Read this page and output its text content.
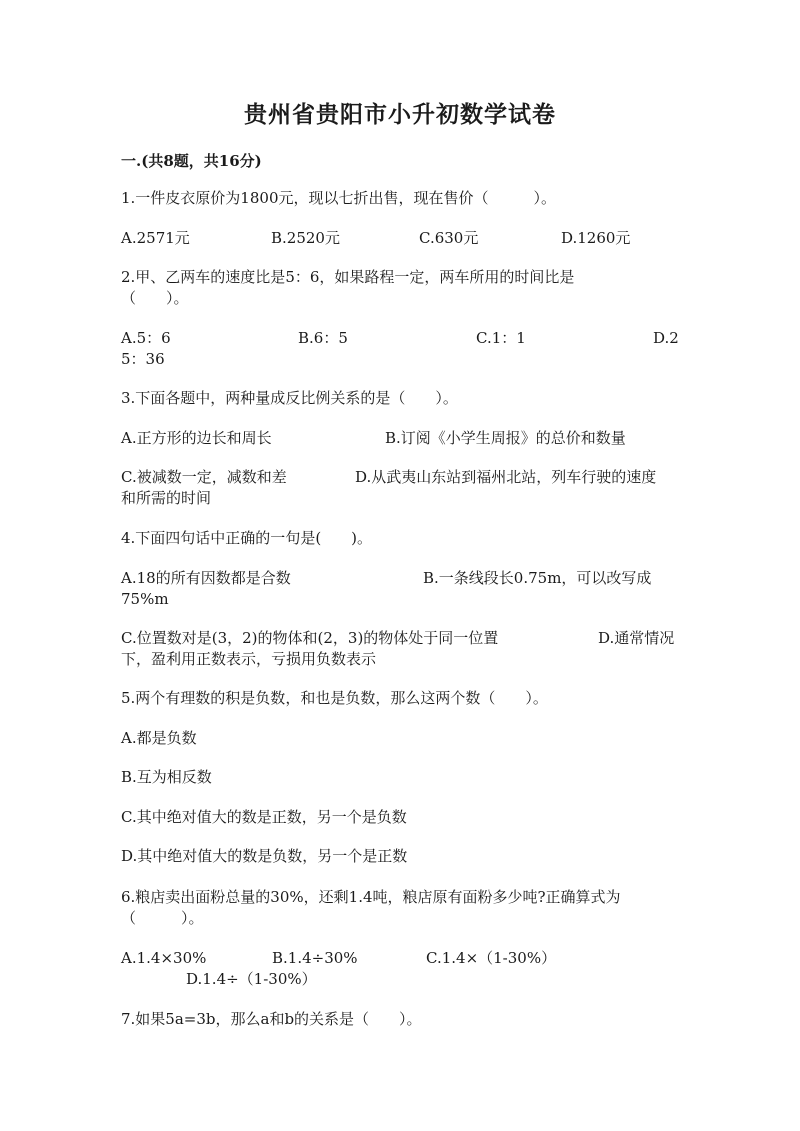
贵州省贵阳市小升初数学试卷
一.(共8题，共16分)
1.一件皮衣原价为1800元，现以七折出售，现在售价（　　　）。
A.2571元	B.2520元	C.630元	D.1260元
2.甲、乙两车的速度比是5：6，如果路程一定，两车所用的时间比是
（　　）。
A.5：6	B.6：5	C.1：1	D.2
5：36
3.下面各题中，两种量成反比例关系的是（　　）。
A.正方形的边长和周长	B.订阅《小学生周报》的总价和数量
C.被减数一定，减数和差	D.从武夷山东站到福州北站，列车行驶的速度
和所需的时间
4.下面四句话中正确的一句是(　　)。
A.18的所有因数都是合数	B.一条线段长0.75m，可以改写成
75%m
C.位置数对是(3，2)的物体和(2，3)的物体处于同一位置	D.通常情况
下，盈利用正数表示，亏损用负数表示
5.两个有理数的积是负数，和也是负数，那么这两个数（　　）。
A.都是负数
B.互为相反数
C.其中绝对值大的数是正数，另一个是负数
D.其中绝对值大的数是负数，另一个是正数
6.粮店卖出面粉总量的30%，还剩1.4吨，粮店原有面粉多少吨?正确算式为
（　　　）。
A.1.4×30%	B.1.4÷30%	C.1.4×（1-30%）
D.1.4÷（1-30%）
7.如果5a=3b，那么a和b的关系是（　　）。
